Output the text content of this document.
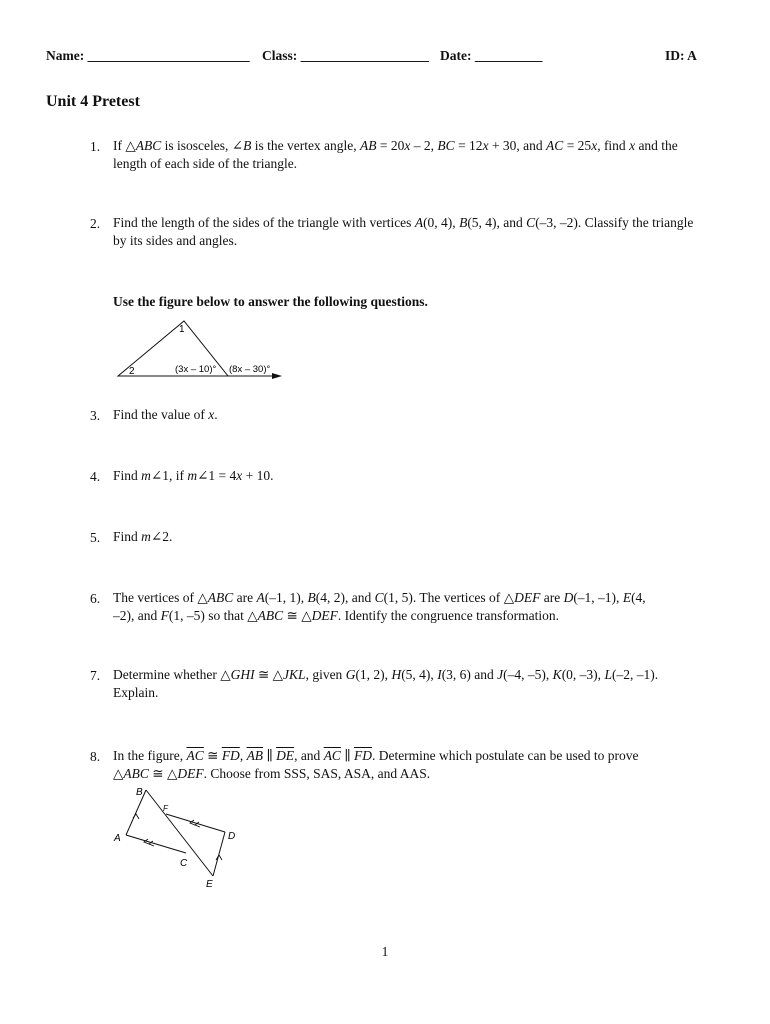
Name: ________________________ Class: ___________________ Date: __________	ID: A
Unit 4 Pretest
1. If △ABC is isosceles, ∠B is the vertex angle, AB = 20x – 2, BC = 12x + 30, and AC = 25x, find x and the
length of each side of the triangle.
2. Find the length of the sides of the triangle with vertices A(0, 4), B(5, 4), and C(–3, –2). Classify the triangle
by its sides and angles.
Use the figure below to answer the following questions.
1
2	(3x – 10)° (8x – 30)°
3. Find the value of x.
4. Find m∠1, if m∠1 = 4x + 10.
5. Find m∠2.
6. The vertices of △ABC are A(–1, 1), B(4, 2), and C(1, 5). The vertices of △DEF are D(–1, –1), E(4,
–2), and F(1, –5) so that △ABC ≅ △DEF. Identify the congruence transformation.
7. Determine whether △GHI ≅ △JKL, given G(1, 2), H(5, 4), I(3, 6) and J(–4, –5), K(0, –3), L(–2, –1).
Explain.
8. In the figure, $\overline{AC}$ ≅ $\overline{FD}$, $\overline{AB}$ ∥ $\overline{DE}$, and $\overline{AC}$ ∥ $\overline{FD}$. Determine which postulate can be used to prove
△ABC ≅ △DEF. Choose from SSS, SAS, ASA, and AAS.
B
A
C
F
D
E
1
